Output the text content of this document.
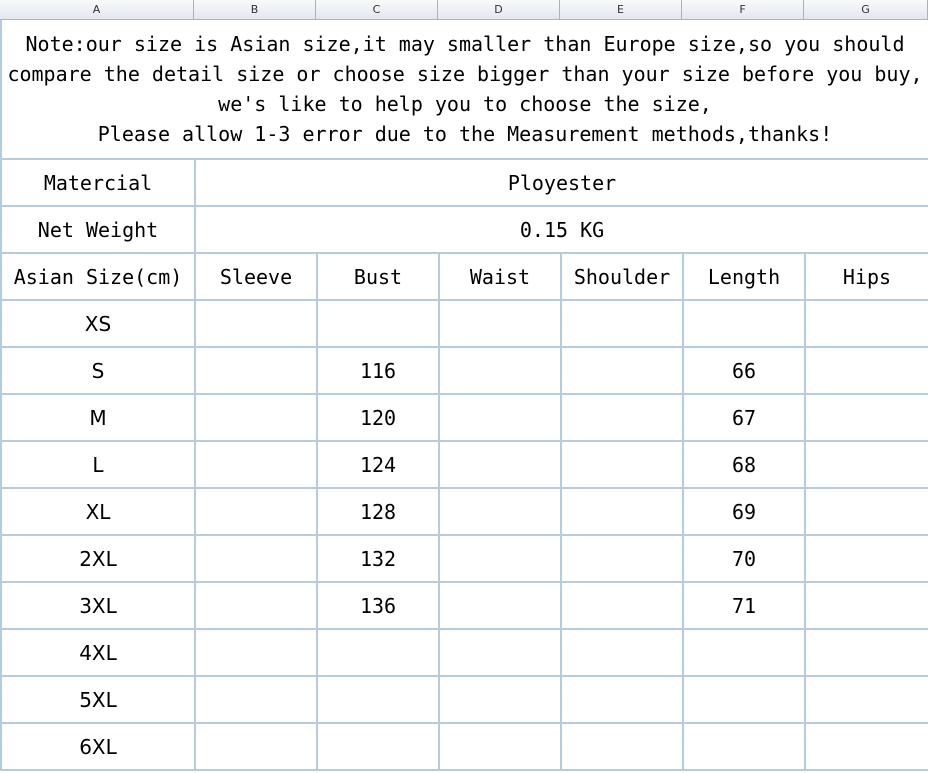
A	B	C	D	E	F	G
Note:our size is Asian size,it may smaller than Europe size,so you should
compare the detail size or choose size bigger than your size before you buy,
we's like to help you to choose the size,
Please allow 1-3 error due to the Measurement methods,thanks!						

Matercial	Ployester					
Net Weight	0.15 KG					
Asian Size(cm)	Sleeve	Bust	Waist	Shoulder	Length	Hips
XS						
S		116			66	
M		120			67	
L		124			68	
XL		128			69	
2XL		132			70	
3XL		136			71	
4XL						
5XL						
6XL						
